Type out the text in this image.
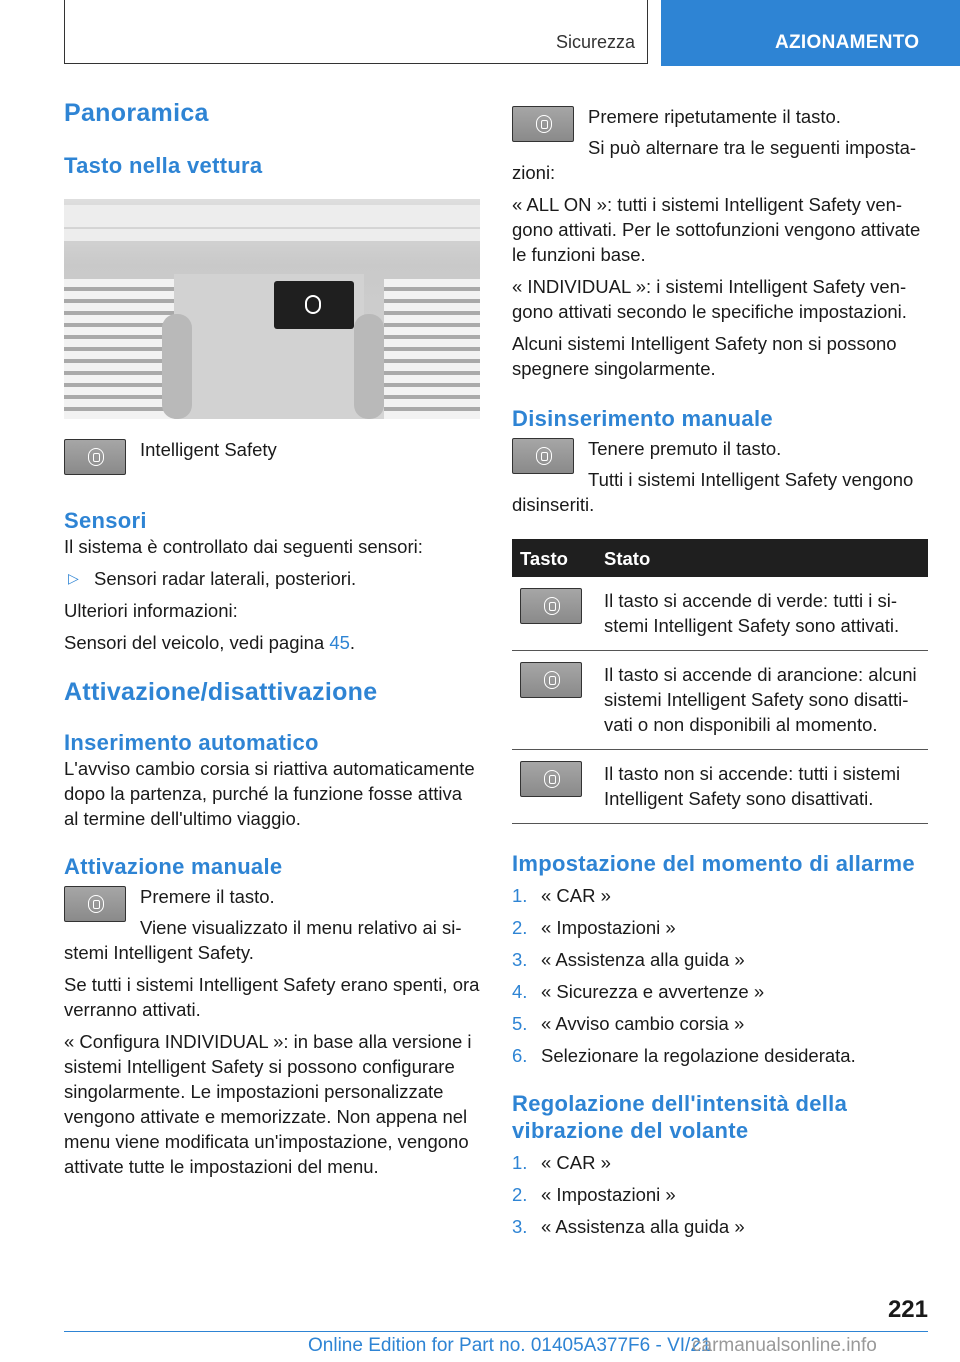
Sicurezza	AZIONAMENTO
Panoramica
Tasto nella vettura

Intelligent Safety

Sensori

Il sistema è controllato dai seguenti sensori:

▷ Sensori radar laterali, posteriori.

Ulteriori informazioni:

Sensori del veicolo, vedi pagina 45.

Attivazione/disattivazione
Inserimento automatico

L'avviso cambio corsia si riattiva automaticamente dopo la partenza, purché la funzione fosse attiva al termine dell'ultimo viaggio.

Attivazione manuale

Premere il tasto.

Viene visualizzato il menu relativo ai sistemi Intelligent Safety.

Se tutti i sistemi Intelligent Safety erano spenti, ora verranno attivati.

« Configura INDIVIDUAL »: in base alla versione i sistemi Intelligent Safety si possono configurare singolarmente. Le impostazioni personalizzate vengono attivate e memorizzate. Non appena nel menu viene modificata un'impostazione, vengono attivate tutte le impostazioni del menu.

Premere ripetutamente il tasto.

Si può alternare tra le seguenti impostazioni:

« ALL ON »: tutti i sistemi Intelligent Safety vengono attivati. Per le sottofunzioni vengono attivate le funzioni base.

« INDIVIDUAL »: i sistemi Intelligent Safety vengono attivati secondo le specifiche impostazioni.

Alcuni sistemi Intelligent Safety non si possono spegnere singolarmente.

Disinserimento manuale

Tenere premuto il tasto.

Tutti i sistemi Intelligent Safety vengono disinseriti.

Tasto	Stato

	Il tasto si accende di verde: tutti i sistemi Intelligent Safety sono attivati.

	Il tasto si accende di arancione: alcuni sistemi Intelligent Safety sono disattivati o non disponibili al momento.

	Il tasto non si accende: tutti i sistemi Intelligent Safety sono disattivati.
Impostazione del momento di allarme
1. « CAR »
2. « Impostazioni »
3. « Assistenza alla guida »
4. « Sicurezza e avvertenze »
5. « Avviso cambio corsia »
6. Selezionare la regolazione desiderata.
Regolazione dell'intensità della vibrazione del volante
1. « CAR »
2. « Impostazioni »
3. « Assistenza alla guida »
221
Online Edition for Part no. 01405A377F6 - VI/21
carmanualsonline.info
